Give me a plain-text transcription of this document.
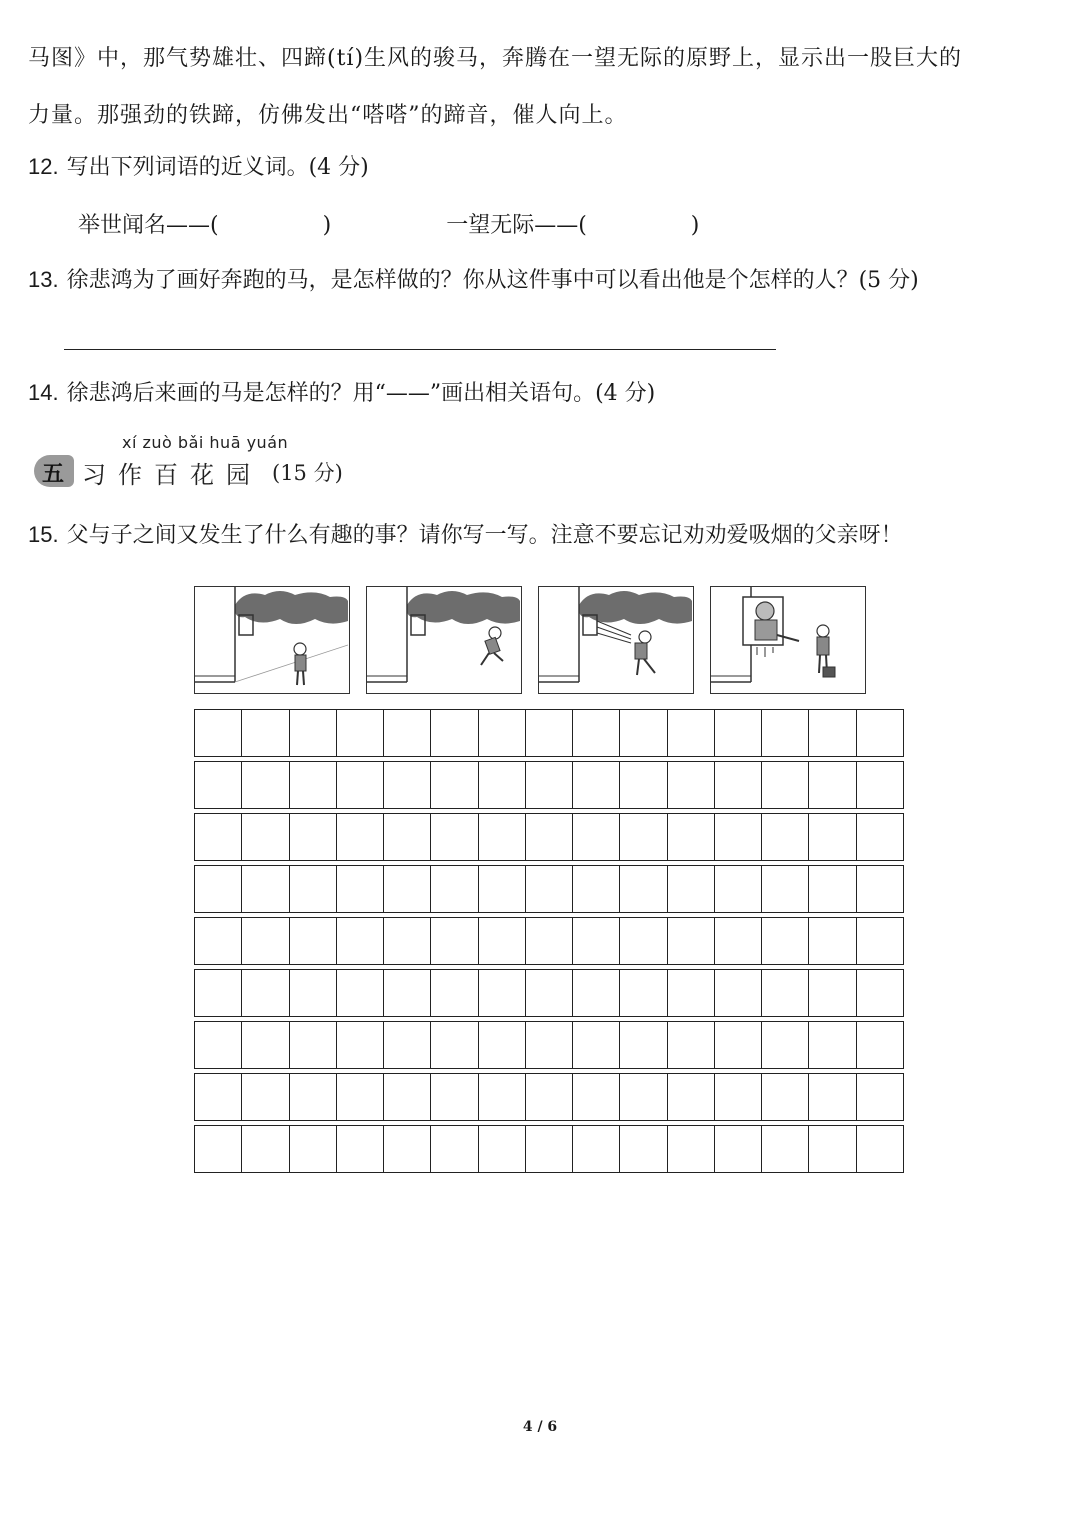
马图》中，那气势雄壮、四蹄(tí)生风的骏马，奔腾在一望无际的原野上，显示出一股巨大的

力量。那强劲的铁蹄，仿佛发出“嗒嗒”的蹄音，催人向上。

12. 写出下列词语的近义词。(4 分)
举世闻名——(	)	一望无际——(	)
13. 徐悲鸿为了画好奔跑的马，是怎样做的？你从这件事中可以看出他是个怎样的人？(5 分)
14. 徐悲鸿后来画的马是怎样的？用“——”画出相关语句。(4 分)
xí zuò bǎi huā yuán
五 习作百花园 (15 分)
15. 父与子之间又发生了什么有趣的事？请你写一写。注意不要忘记劝劝爱吸烟的父亲呀！
4 / 6
